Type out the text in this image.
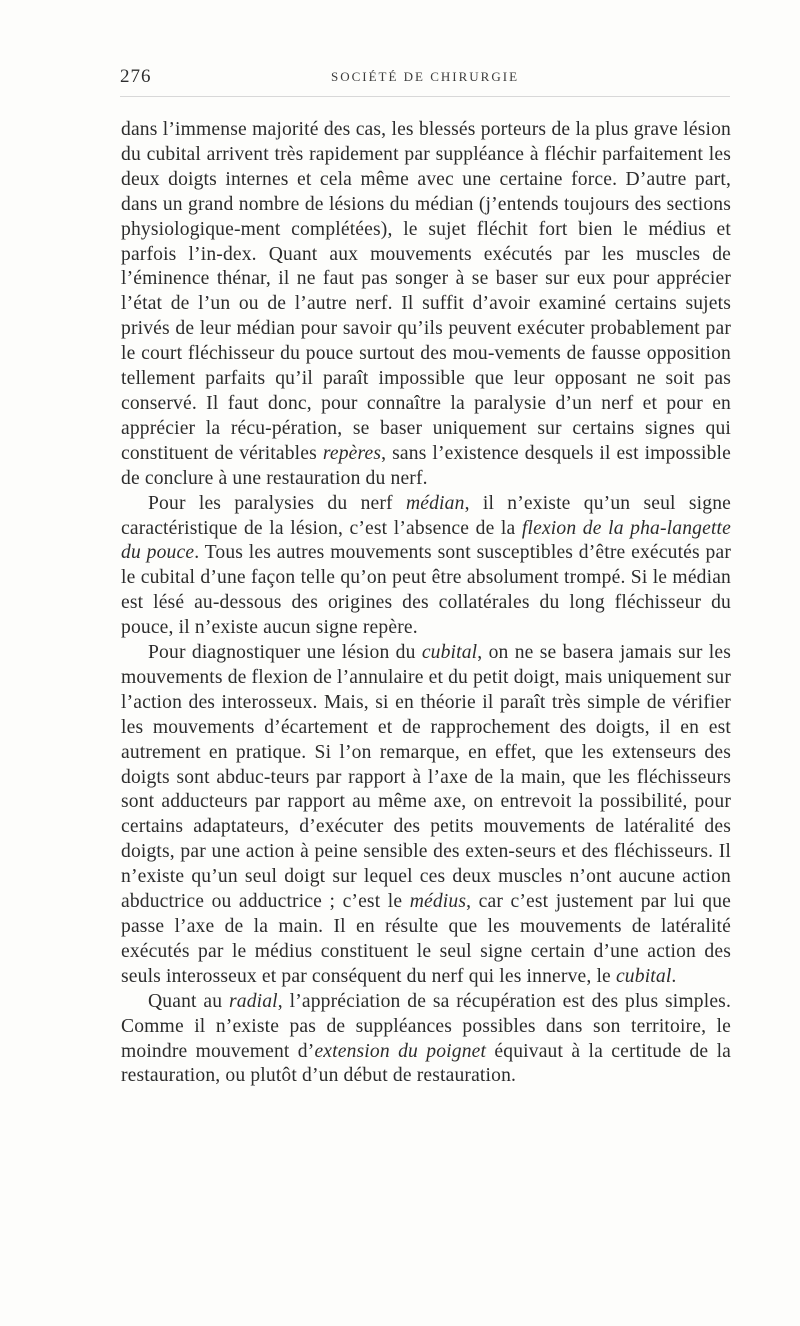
276	SOCIÉTÉ DE CHIRURGIE

dans l’immense majorité des cas, les blessés porteurs de la plus grave lésion du cubital arrivent très rapidement par suppléance à fléchir parfaitement les deux doigts internes et cela même avec une certaine force. D’autre part, dans un grand nombre de lésions du médian (j’entends toujours des sections physiologique-ment complétées), le sujet fléchit fort bien le médius et parfois l’in-dex. Quant aux mouvements exécutés par les muscles de l’éminence thénar, il ne faut pas songer à se baser sur eux pour apprécier l’état de l’un ou de l’autre nerf. Il suffit d’avoir examiné certains sujets privés de leur médian pour savoir qu’ils peuvent exécuter probablement par le court fléchisseur du pouce surtout des mou-vements de fausse opposition tellement parfaits qu’il paraît impossible que leur opposant ne soit pas conservé. Il faut donc, pour connaître la paralysie d’un nerf et pour en apprécier la récu-pération, se baser uniquement sur certains signes qui constituent de véritables repères, sans l’existence desquels il est impossible de conclure à une restauration du nerf.

Pour les paralysies du nerf médian, il n’existe qu’un seul signe caractéristique de la lésion, c’est l’absence de la flexion de la pha-langette du pouce. Tous les autres mouvements sont susceptibles d’être exécutés par le cubital d’une façon telle qu’on peut être absolument trompé. Si le médian est lésé au-dessous des origines des collatérales du long fléchisseur du pouce, il n’existe aucun signe repère.

Pour diagnostiquer une lésion du cubital, on ne se basera jamais sur les mouvements de flexion de l’annulaire et du petit doigt, mais uniquement sur l’action des interosseux. Mais, si en théorie il paraît très simple de vérifier les mouvements d’écartement et de rapprochement des doigts, il en est autrement en pratique. Si l’on remarque, en effet, que les extenseurs des doigts sont abduc-teurs par rapport à l’axe de la main, que les fléchisseurs sont adducteurs par rapport au même axe, on entrevoit la possibilité, pour certains adaptateurs, d’exécuter des petits mouvements de latéralité des doigts, par une action à peine sensible des exten-seurs et des fléchisseurs. Il n’existe qu’un seul doigt sur lequel ces deux muscles n’ont aucune action abductrice ou adductrice ; c’est le médius, car c’est justement par lui que passe l’axe de la main. Il en résulte que les mouvements de latéralité exécutés par le médius constituent le seul signe certain d’une action des seuls interosseux et par conséquent du nerf qui les innerve, le cubital.

Quant au radial, l’appréciation de sa récupération est des plus simples. Comme il n’existe pas de suppléances possibles dans son territoire, le moindre mouvement d’extension du poignet équivaut à la certitude de la restauration, ou plutôt d’un début de restauration.
